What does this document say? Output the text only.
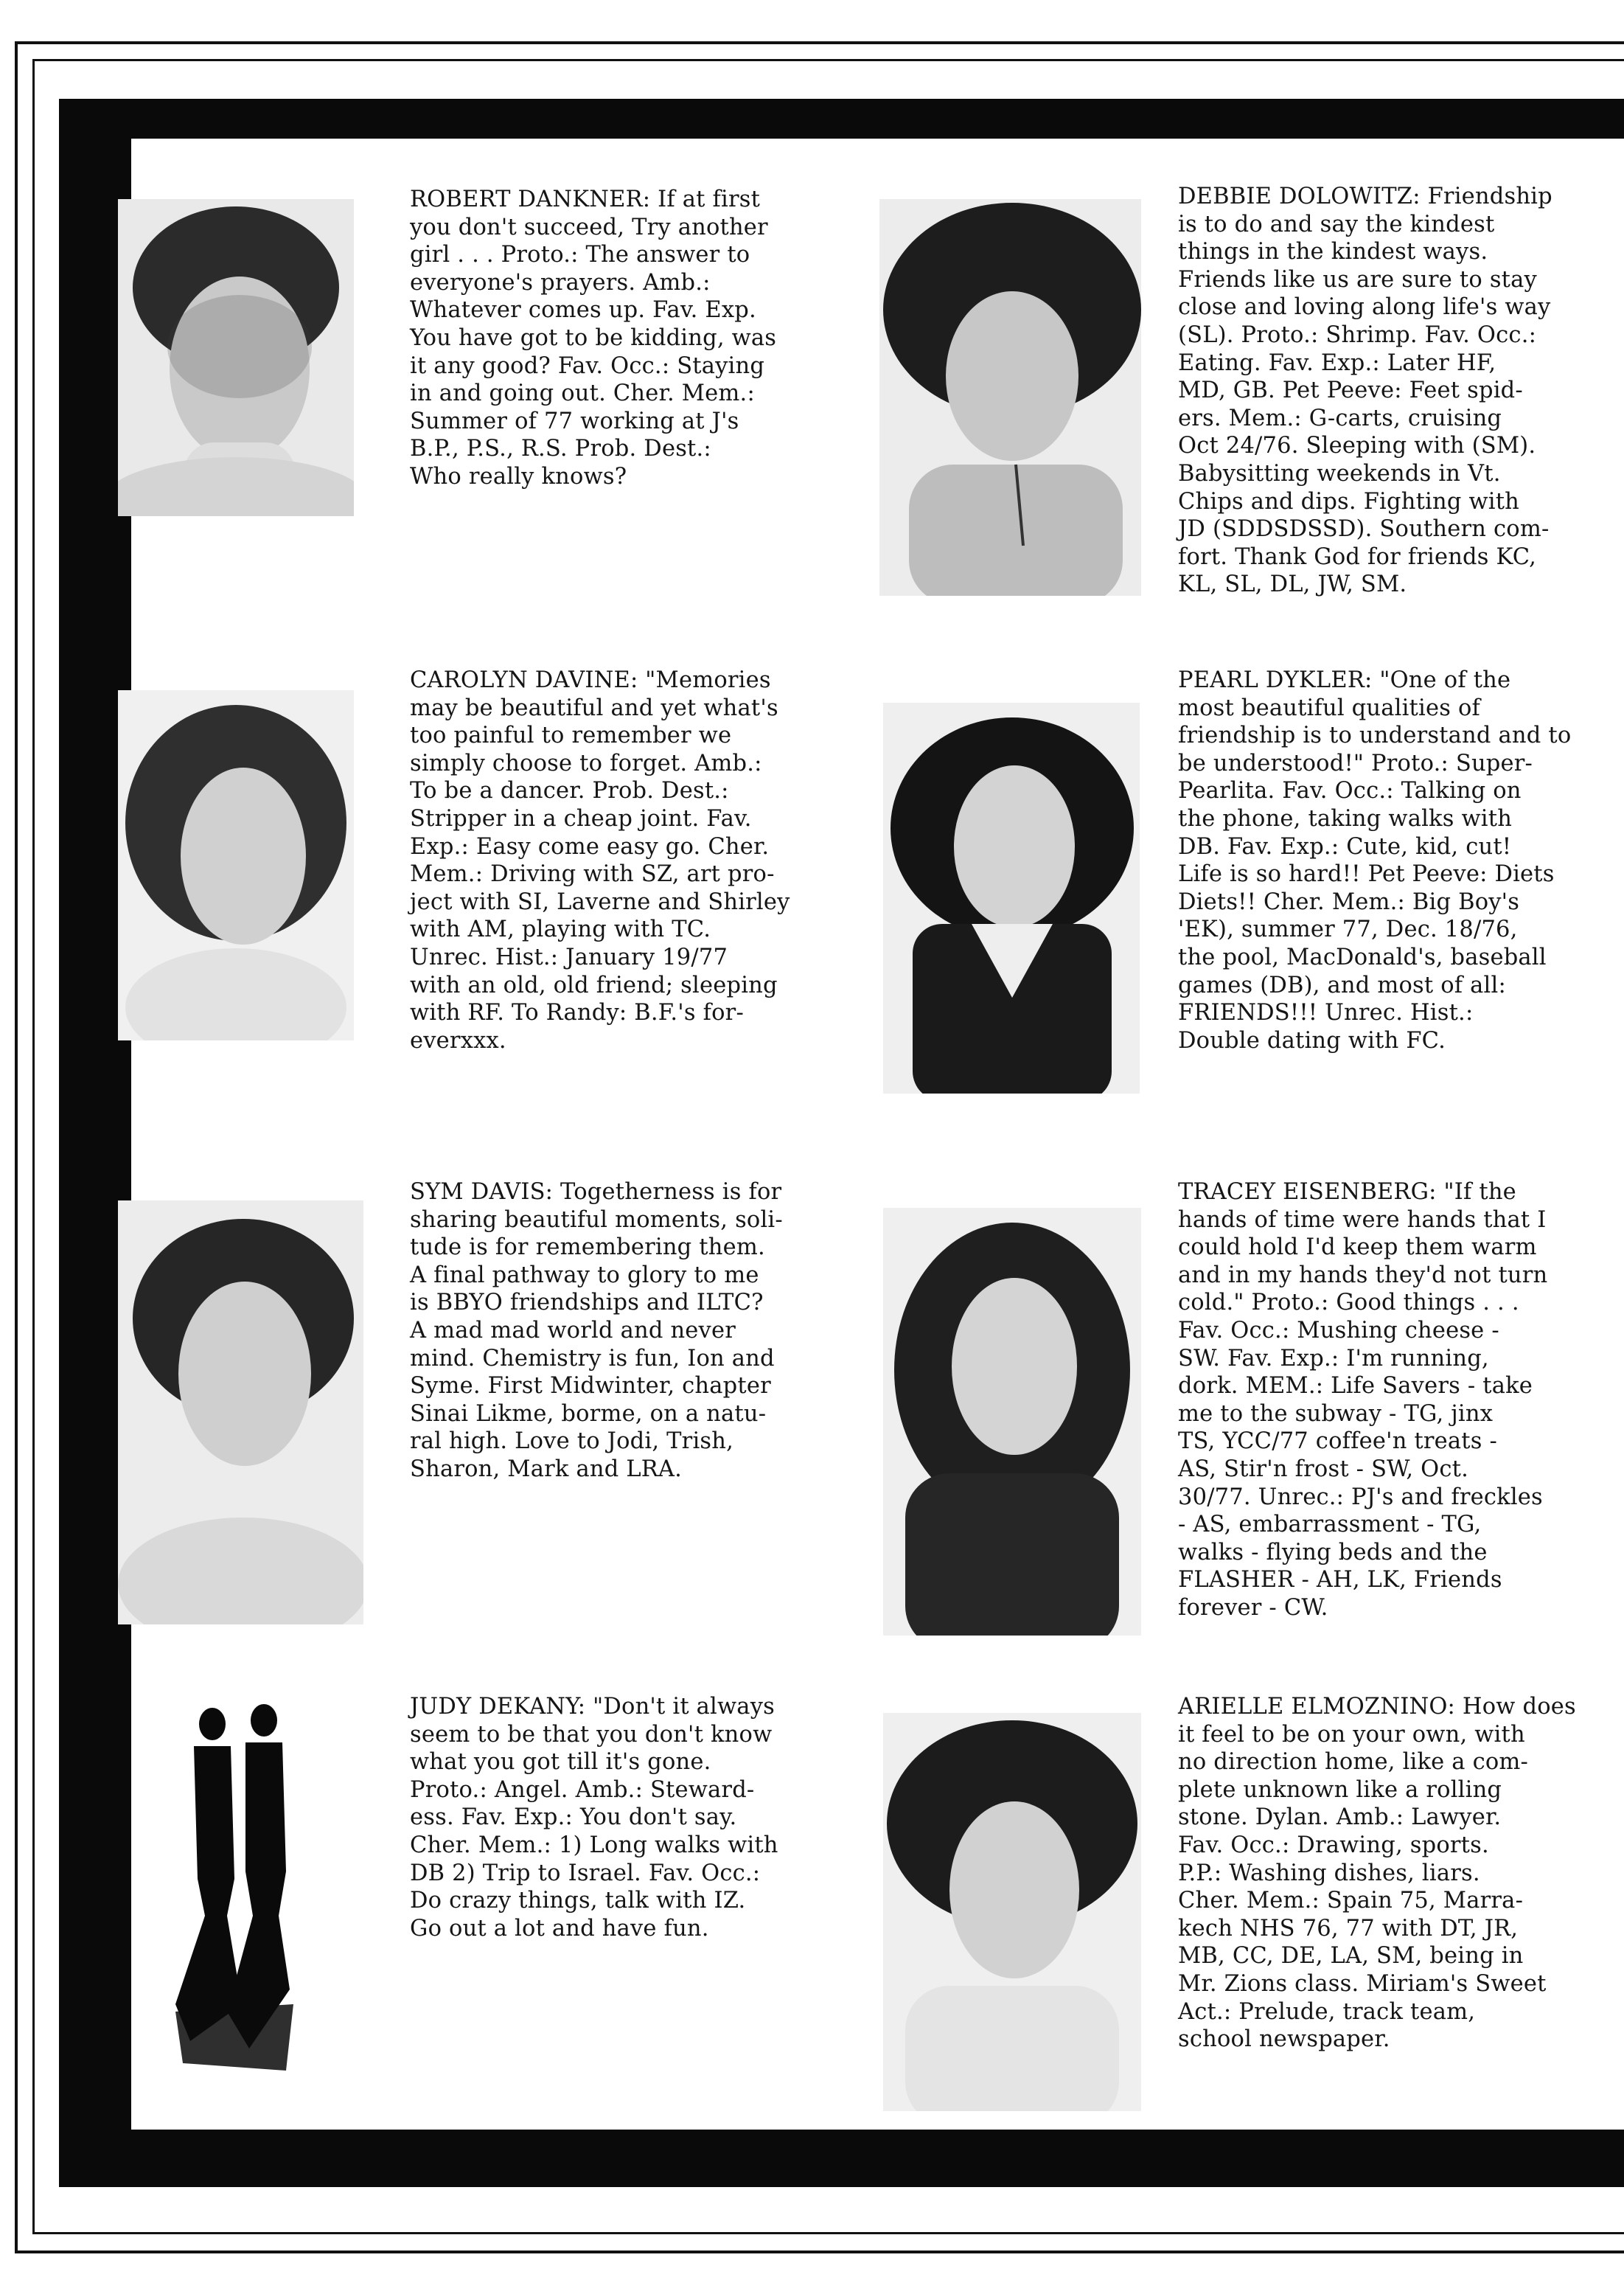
ROBERT DANKNER: If at first
you don't succeed, Try another
girl . . . Proto.: The answer to
everyone's prayers. Amb.:
Whatever comes up. Fav. Exp.
You have got to be kidding, was
it any good? Fav. Occ.: Staying
in and going out. Cher. Mem.:
Summer of 77 working at J's
B.P., P.S., R.S. Prob. Dest.:
Who really knows?
DEBBIE DOLOWITZ: Friendship
is to do and say the kindest
things in the kindest ways.
Friends like us are sure to stay
close and loving along life's way
(SL). Proto.: Shrimp. Fav. Occ.:
Eating. Fav. Exp.: Later HF,
MD, GB. Pet Peeve: Feet spid-
ers. Mem.: G-carts, cruising
Oct 24/76. Sleeping with (SM).
Babysitting weekends in Vt.
Chips and dips. Fighting with
JD (SDDSDSSD). Southern com-
fort. Thank God for friends KC,
KL, SL, DL, JW, SM.
CAROLYN DAVINE: "Memories
may be beautiful and yet what's
too painful to remember we
simply choose to forget. Amb.:
To be a dancer. Prob. Dest.:
Stripper in a cheap joint. Fav.
Exp.: Easy come easy go. Cher.
Mem.: Driving with SZ, art pro-
ject with SI, Laverne and Shirley
with AM, playing with TC.
Unrec. Hist.: January 19/77
with an old, old friend; sleeping
with RF. To Randy: B.F.'s for-
everxxx.
PEARL DYKLER: "One of the
most beautiful qualities of
friendship is to understand and to
be understood!" Proto.: Super-
Pearlita. Fav. Occ.: Talking on
the phone, taking walks with
DB. Fav. Exp.: Cute, kid, cut!
Life is so hard!! Pet Peeve: Diets
Diets!! Cher. Mem.: Big Boy's
'EK), summer 77, Dec. 18/76,
the pool, MacDonald's, baseball
games (DB), and most of all:
FRIENDS!!! Unrec. Hist.:
Double dating with FC.
SYM DAVIS: Togetherness is for
sharing beautiful moments, soli-
tude is for remembering them.
A final pathway to glory to me
is BBYO friendships and ILTC?
A mad mad world and never
mind. Chemistry is fun, Ion and
Syme. First Midwinter, chapter
Sinai Likme, borme, on a natu-
ral high. Love to Jodi, Trish,
Sharon, Mark and LRA.
TRACEY EISENBERG: "If the
hands of time were hands that I
could hold I'd keep them warm
and in my hands they'd not turn
cold." Proto.: Good things . . .
Fav. Occ.: Mushing cheese -
SW. Fav. Exp.: I'm running,
dork. MEM.: Life Savers - take
me to the subway - TG, jinx
TS, YCC/77 coffee'n treats -
AS, Stir'n frost - SW, Oct.
30/77. Unrec.: PJ's and freckles
- AS, embarrassment - TG,
walks - flying beds and the
FLASHER - AH, LK, Friends
forever - CW.
JUDY DEKANY: "Don't it always
seem to be that you don't know
what you got till it's gone.
Proto.: Angel. Amb.: Steward-
ess. Fav. Exp.: You don't say.
Cher. Mem.: 1) Long walks with
DB 2) Trip to Israel. Fav. Occ.:
Do crazy things, talk with IZ.
Go out a lot and have fun.
ARIELLE ELMOZNINO: How does
it feel to be on your own, with
no direction home, like a com-
plete unknown like a rolling
stone. Dylan. Amb.: Lawyer.
Fav. Occ.: Drawing, sports.
P.P.: Washing dishes, liars.
Cher. Mem.: Spain 75, Marra-
kech NHS 76, 77 with DT, JR,
MB, CC, DE, LA, SM, being in
Mr. Zions class. Miriam's Sweet
Act.: Prelude, track team,
school newspaper.
